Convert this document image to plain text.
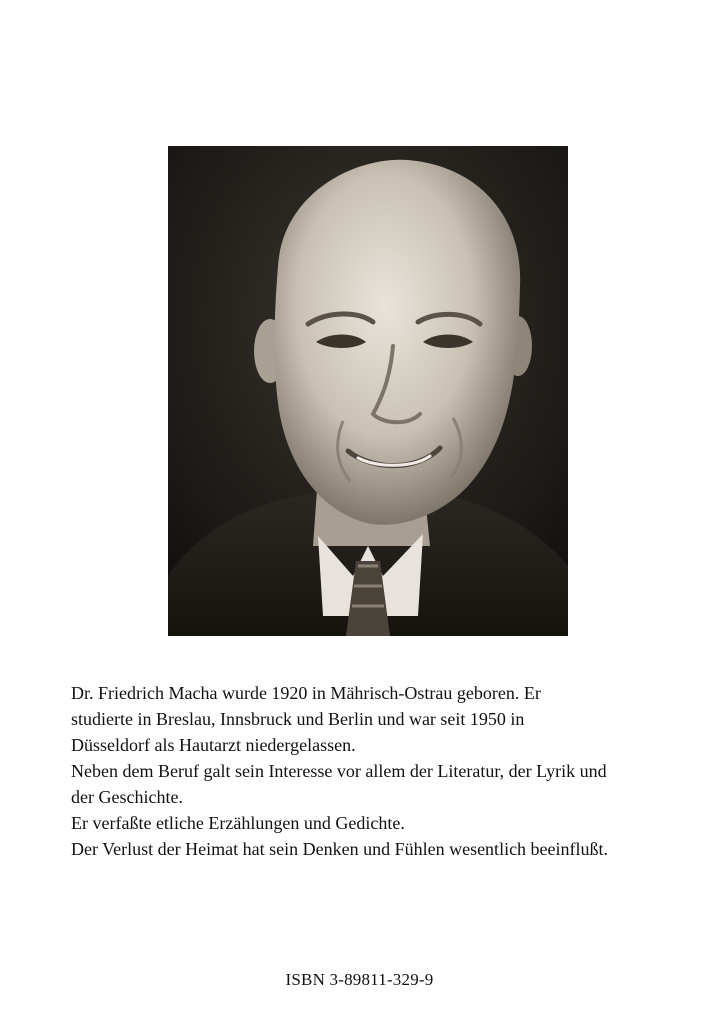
Dr. Friedrich Macha wurde 1920 in Mährisch-Ostrau geboren. Er

studierte in Breslau, Innsbruck und Berlin und war seit 1950 in

Düsseldorf als Hautarzt niedergelassen.

Neben dem Beruf galt sein Interesse vor allem der Literatur, der Lyrik und

der Geschichte.

Er verfaßte etliche Erzählungen und Gedichte.

Der Verlust der Heimat hat sein Denken und Fühlen wesentlich beeinflußt.

ISBN 3-89811-329-9
